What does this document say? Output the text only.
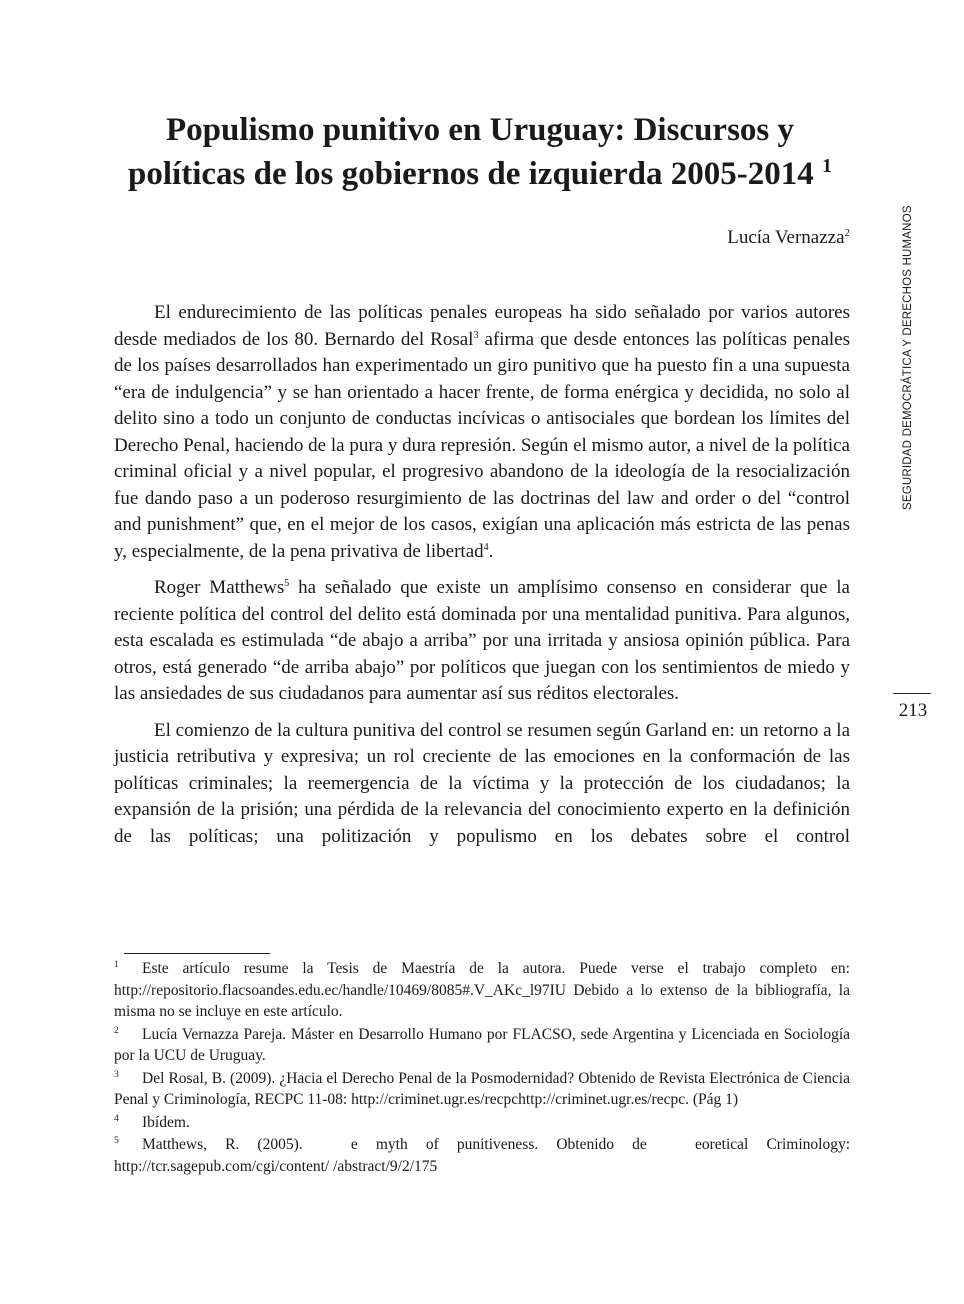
Populismo punitivo en Uruguay: Discursos y
políticas de los gobiernos de izquierda 2005-2014 $^1$
Lucía Vernazza$^2$

El endurecimiento de las políticas penales europeas ha sido señalado por varios autores desde mediados de los 80. Bernardo del Rosal$^3$ afirma que desde entonces las políticas penales de los países desarrollados han experimentado un giro punitivo que ha puesto fin a una supuesta “era de indulgencia” y se han orientado a hacer frente, de forma enérgica y decidida, no solo al delito sino a todo un conjunto de conductas incívicas o antisociales que bordean los límites del Derecho Penal, haciendo de la pura y dura represión. Según el mismo autor, a nivel de la política criminal oficial y a nivel popular, el progresivo abandono de la ideología de la resocialización fue dando paso a un poderoso resurgimiento de las doctrinas del law and order o del “control and punishment” que, en el mejor de los casos, exigían una aplicación más estricta de las penas y, especialmente, de la pena privativa de libertad$^4$.

Roger Matthews$^5$ ha señalado que existe un amplísimo consenso en considerar que la reciente política del control del delito está dominada por una mentalidad punitiva. Para algunos, esta escalada es estimulada “de abajo a arriba” por una irritada y ansiosa opinión pública. Para otros, está generado “de arriba abajo” por políticos que juegan con los sentimientos de miedo y las ansiedades de sus ciudadanos para aumentar así sus réditos electorales.

El comienzo de la cultura punitiva del control se resumen según Garland en: un retorno a la justicia retributiva y expresiva; un rol creciente de las emociones en la conformación de las políticas criminales; la reemergencia de la víctima y la protección de los ciudadanos; la expansión de la prisión; una pérdida de la relevancia del conocimiento experto en la definición de las políticas; una politización y populismo en los debates sobre el control

SEGURIDAD DEMOCRÁTICA Y DERECHOS HUMANOS
213

1 Este artículo resume la Tesis de Maestría de la autora. Puede verse el trabajo completo en: http://repositorio.flacsoandes.edu.ec/handle/10469/8085#.V_AKc_l97IU Debido a lo extenso de la bibliografía, la misma no se incluye en este artículo.

2 Lucía Vernazza Pareja. Máster en Desarrollo Humano por FLACSO, sede Argentina y Licenciada en Sociología por la UCU de Uruguay.

3 Del Rosal, B. (2009). ¿Hacia el Derecho Penal de la Posmodernidad? Obtenido de Revista Electrónica de Ciencia Penal y Criminología, RECPC 11-08: http://criminet.ugr.es/recpchttp://criminet.ugr.es/recpc. (Pág 1)

4 Ibídem.

5 Matthews, R. (2005).   e myth of punitiveness. Obtenido de   eoretical Criminology: http://tcr.sagepub.com/cgi/content/ /abstract/9/2/175
